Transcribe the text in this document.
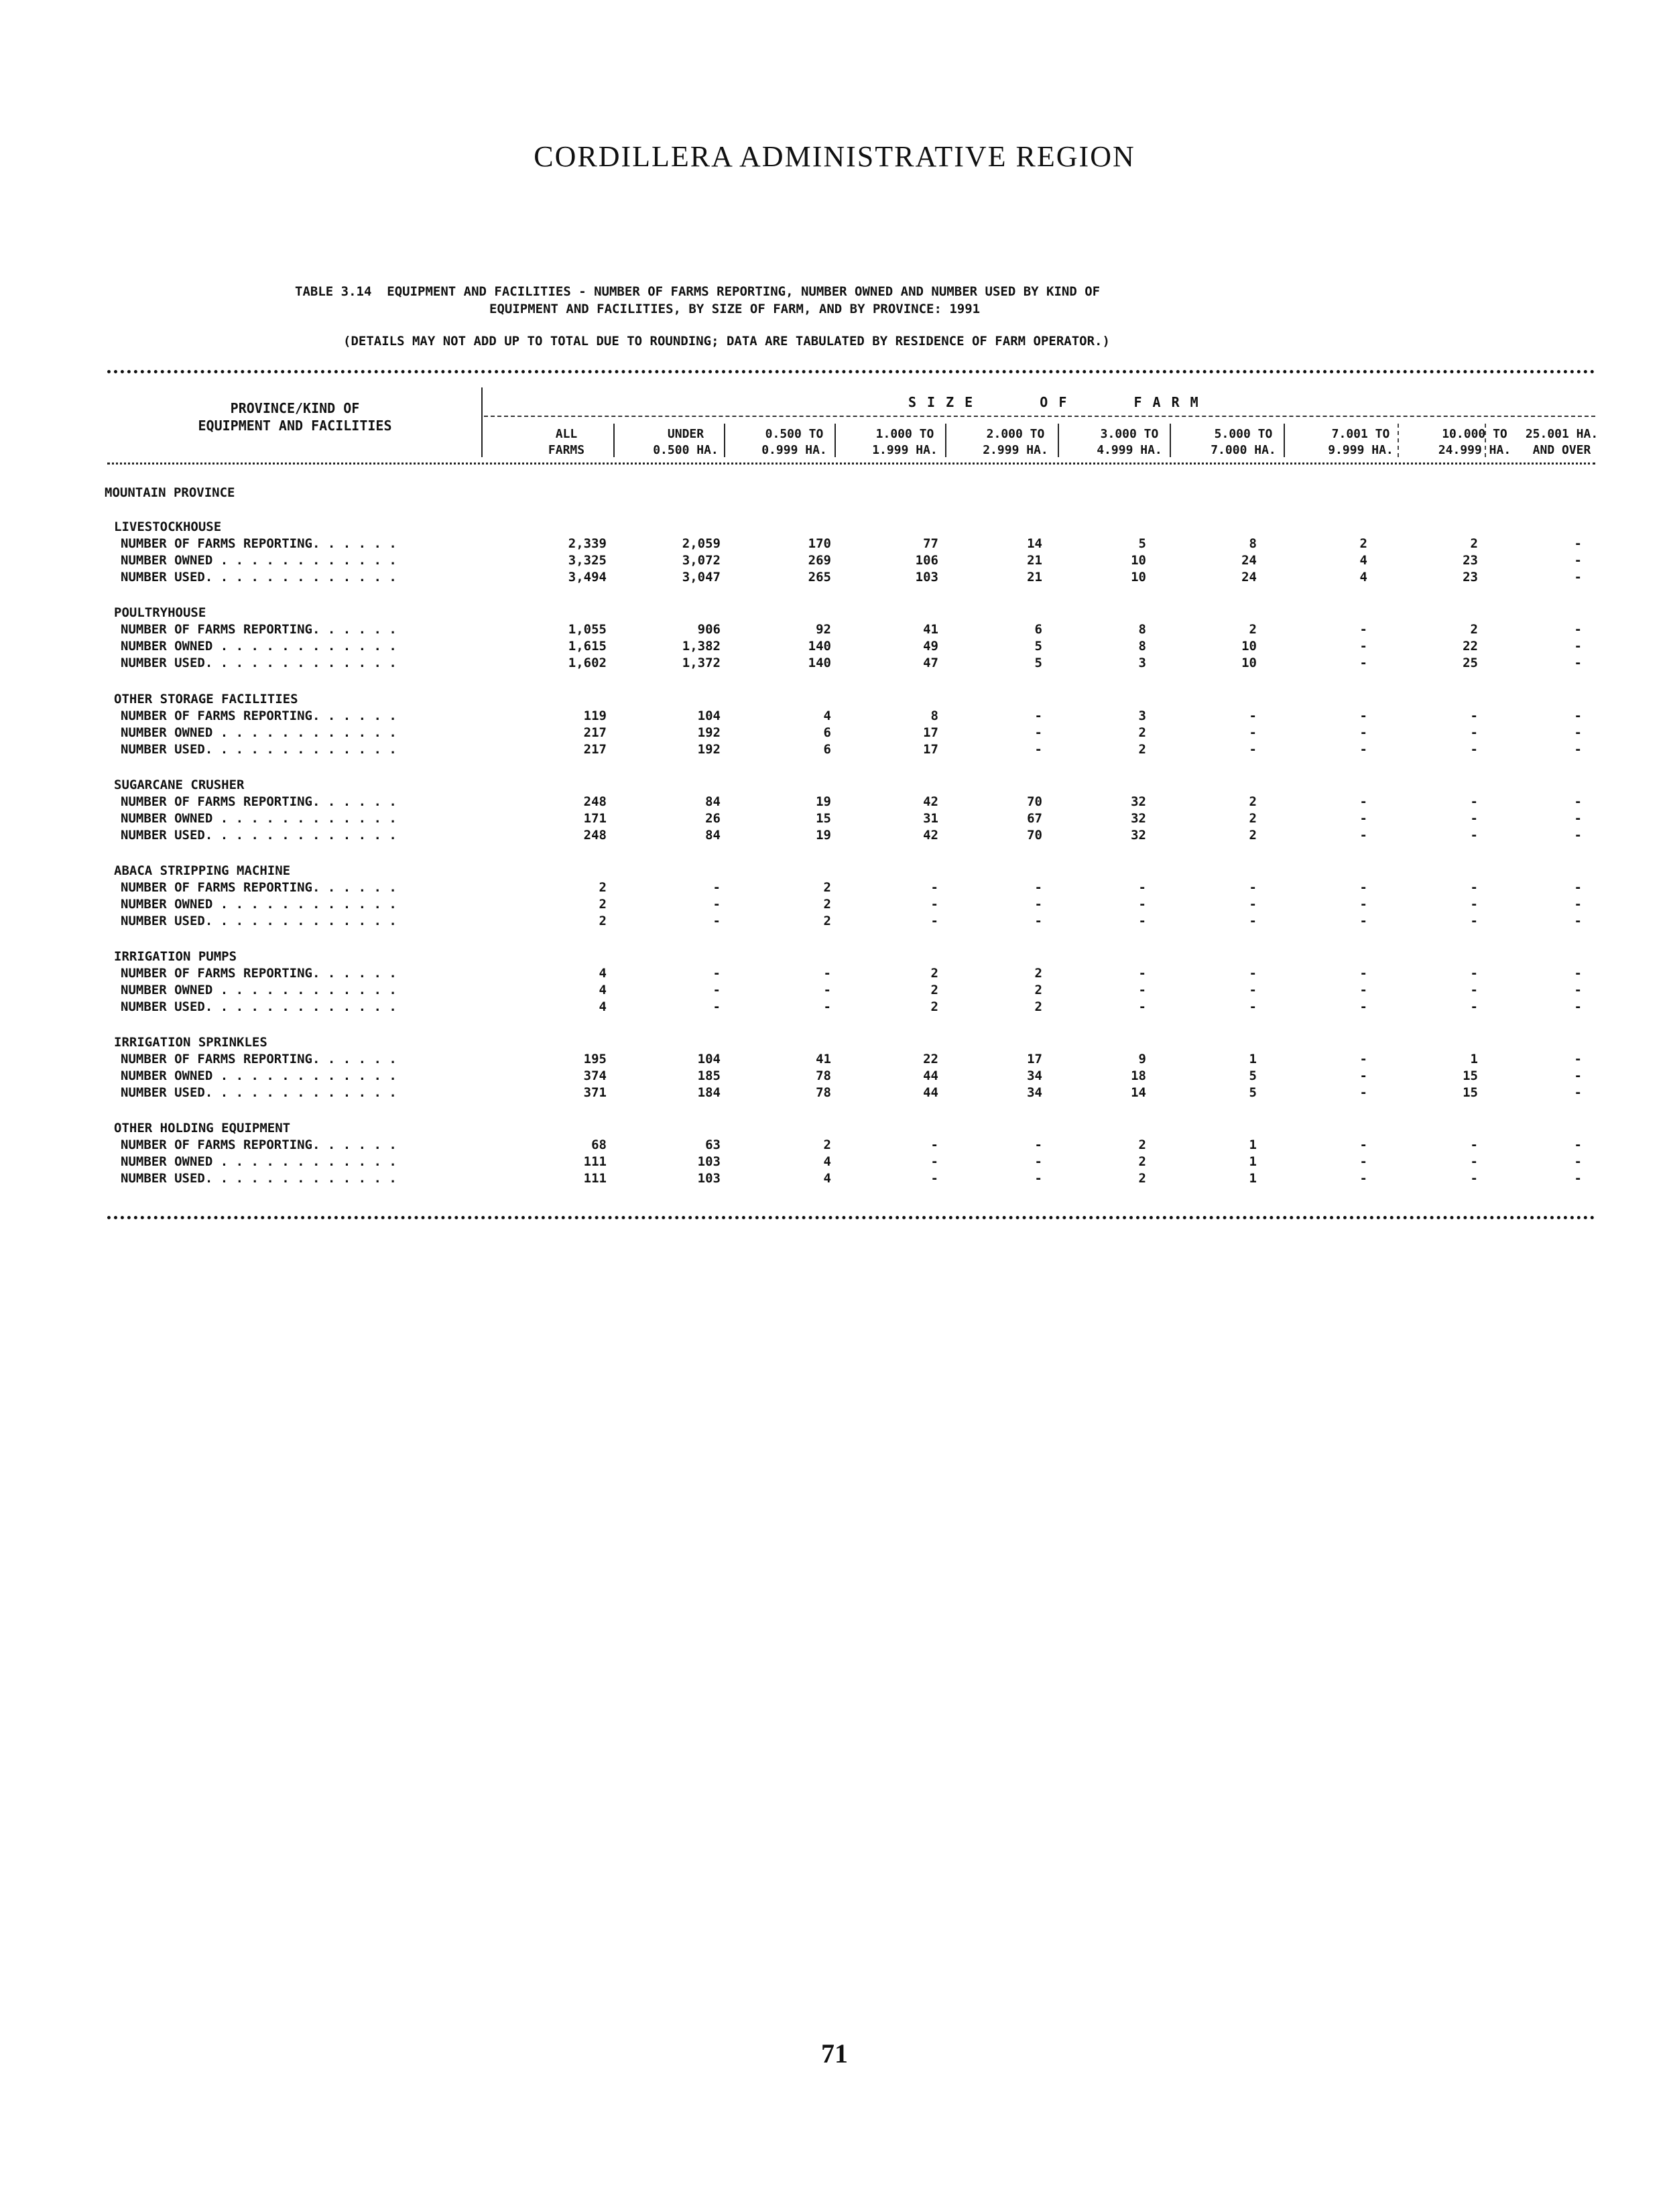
CORDILLERA ADMINISTRATIVE REGION
TABLE 3.14  EQUIPMENT AND FACILITIES - NUMBER OF FARMS REPORTING, NUMBER OWNED AND NUMBER USED BY KIND OF
EQUIPMENT AND FACILITIES, BY SIZE OF FARM, AND BY PROVINCE: 1991
(DETAILS MAY NOT ADD UP TO TOTAL DUE TO ROUNDING; DATA ARE TABULATED BY RESIDENCE OF FARM OPERATOR.)
PROVINCE/KIND OF
EQUIPMENT AND FACILITIES
SIZE   OF   FARM
ALL
FARMS
UNDER
0.500 HA.
0.500 TO
0.999 HA.
1.000 TO
1.999 HA.
2.000 TO
2.999 HA.
3.000 TO
4.999 HA.
5.000 TO
7.000 HA.
7.001 TO
9.999 HA.
10.000 TO
24.999 HA.
25.001 HA.
AND OVER
MOUNTAIN PROVINCE
LIVESTOCKHOUSE
NUMBER OF FARMS REPORTING. . . . . .	2,339	2,059	170	77	14	5	8	2	2	-
NUMBER OWNED . . . . . . . . . . . .	3,325	3,072	269	106	21	10	24	4	23	-
NUMBER USED. . . . . . . . . . . . .	3,494	3,047	265	103	21	10	24	4	23	-
POULTRYHOUSE
NUMBER OF FARMS REPORTING. . . . . .	1,055	906	92	41	6	8	2	-	2	-
NUMBER OWNED . . . . . . . . . . . .	1,615	1,382	140	49	5	8	10	-	22	-
NUMBER USED. . . . . . . . . . . . .	1,602	1,372	140	47	5	3	10	-	25	-
OTHER STORAGE FACILITIES
NUMBER OF FARMS REPORTING. . . . . .	119	104	4	8	-	3	-	-	-	-
NUMBER OWNED . . . . . . . . . . . .	217	192	6	17	-	2	-	-	-	-
NUMBER USED. . . . . . . . . . . . .	217	192	6	17	-	2	-	-	-	-
SUGARCANE CRUSHER
NUMBER OF FARMS REPORTING. . . . . .	248	84	19	42	70	32	2	-	-	-
NUMBER OWNED . . . . . . . . . . . .	171	26	15	31	67	32	2	-	-	-
NUMBER USED. . . . . . . . . . . . .	248	84	19	42	70	32	2	-	-	-
ABACA STRIPPING MACHINE
NUMBER OF FARMS REPORTING. . . . . .	2	-	2	-	-	-	-	-	-	-
NUMBER OWNED . . . . . . . . . . . .	2	-	2	-	-	-	-	-	-	-
NUMBER USED. . . . . . . . . . . . .	2	-	2	-	-	-	-	-	-	-
IRRIGATION PUMPS
NUMBER OF FARMS REPORTING. . . . . .	4	-	-	2	2	-	-	-	-	-
NUMBER OWNED . . . . . . . . . . . .	4	-	-	2	2	-	-	-	-	-
NUMBER USED. . . . . . . . . . . . .	4	-	-	2	2	-	-	-	-	-
IRRIGATION SPRINKLES
NUMBER OF FARMS REPORTING. . . . . .	195	104	41	22	17	9	1	-	1	-
NUMBER OWNED . . . . . . . . . . . .	374	185	78	44	34	18	5	-	15	-
NUMBER USED. . . . . . . . . . . . .	371	184	78	44	34	14	5	-	15	-
OTHER HOLDING EQUIPMENT
NUMBER OF FARMS REPORTING. . . . . .	68	63	2	-	-	2	1	-	-	-
NUMBER OWNED . . . . . . . . . . . .	111	103	4	-	-	2	1	-	-	-
NUMBER USED. . . . . . . . . . . . .	111	103	4	-	-	2	1	-	-	-
71
